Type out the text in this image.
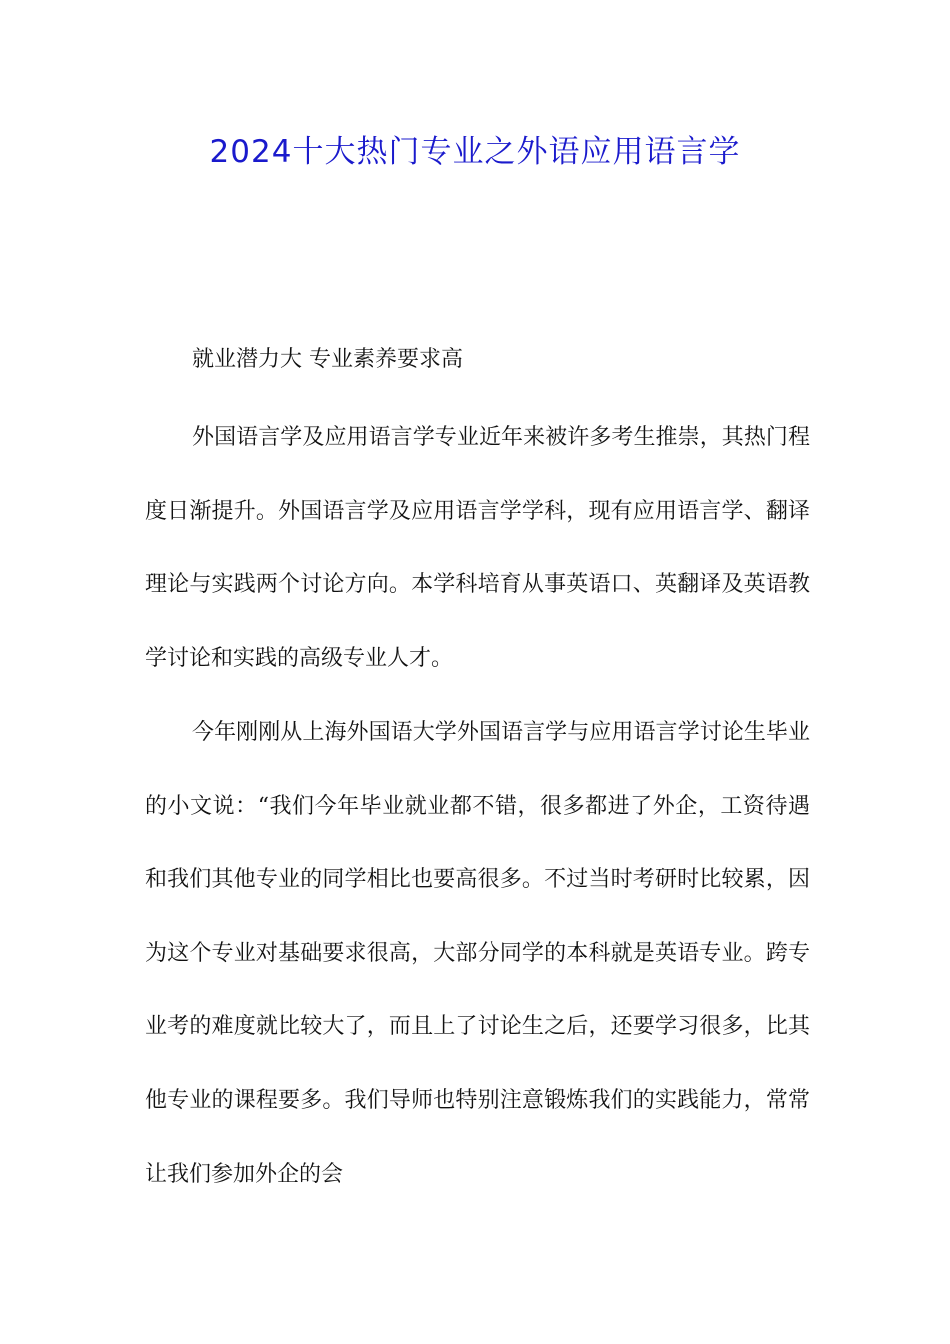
2024十大热门专业之外语应用语言学
就业潜力大 专业素养要求高

外国语言学及应用语言学专业近年来被许多考生推崇，其热门程度日渐提升。外国语言学及应用语言学学科，现有应用语言学、翻译理论与实践两个讨论方向。本学科培育从事英语口、英翻译及英语教学讨论和实践的高级专业人才。

今年刚刚从上海外国语大学外国语言学与应用语言学讨论生毕业的小文说：“我们今年毕业就业都不错，很多都进了外企，工资待遇和我们其他专业的同学相比也要高很多。不过当时考研时比较累，因为这个专业对基础要求很高，大部分同学的本科就是英语专业。跨专业考的难度就比较大了，而且上了讨论生之后，还要学习很多，比其他专业的课程要多。我们导师也特别注意锻炼我们的实践能力，常常让我们参加外企的会
